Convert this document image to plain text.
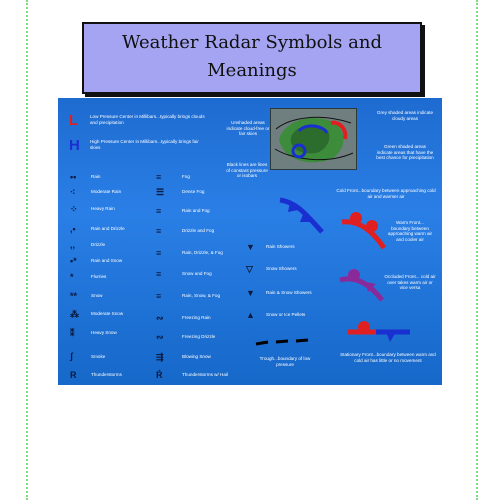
Weather Radar Symbols and Meanings
L	Low Pressure Center in Millibars...typically brings clouds and precipitation
H High Pressure Center in Millibars...typically brings fair skies
Unshaded areas indicate cloud-free or fair skies
Grey shaded areas indicate cloudy areas
Green shaded areas indicate areas that have the best chance for precipitation
Black lines are lines of constant pressure or isobars
••	Rain
⁖	Moderate Rain
⁘	Heavy Rain
,•	Rain and Drizzle
,,	Drizzle
•*	Rain and Snow
*	Flurries
**	Snow
⁂	Moderate Snow
⁑	Heavy Snow
ʃ	Smoke
R	Thunderstorms
≡	Fog
☰	Dense Fog
≡	Rain and Fog
≡	Drizzle and Fog
≡	Rain, Drizzle, & Fog
≡	Snow and Fog
≡	Rain, Snow, & Fog
∾	Freezing Rain
∾	Freezing Drizzle
⇶	Blowing Snow
Ŕ	Thunderstorms w/ Hail
▼ Rain Showers
▽	Snow Showers
▼ Rain & Snow Showers
▲ Snow or Ice Pellets
Trough...boundary of low pressure
Cold Front...boundary between approaching cold air and warmer air
Warm Front... boundary between approaching warm air and cooler air
Occluded Front... cold air over takes warm air or vice versa
Stationary Front...boundary between warm and cold air has little or no movement
